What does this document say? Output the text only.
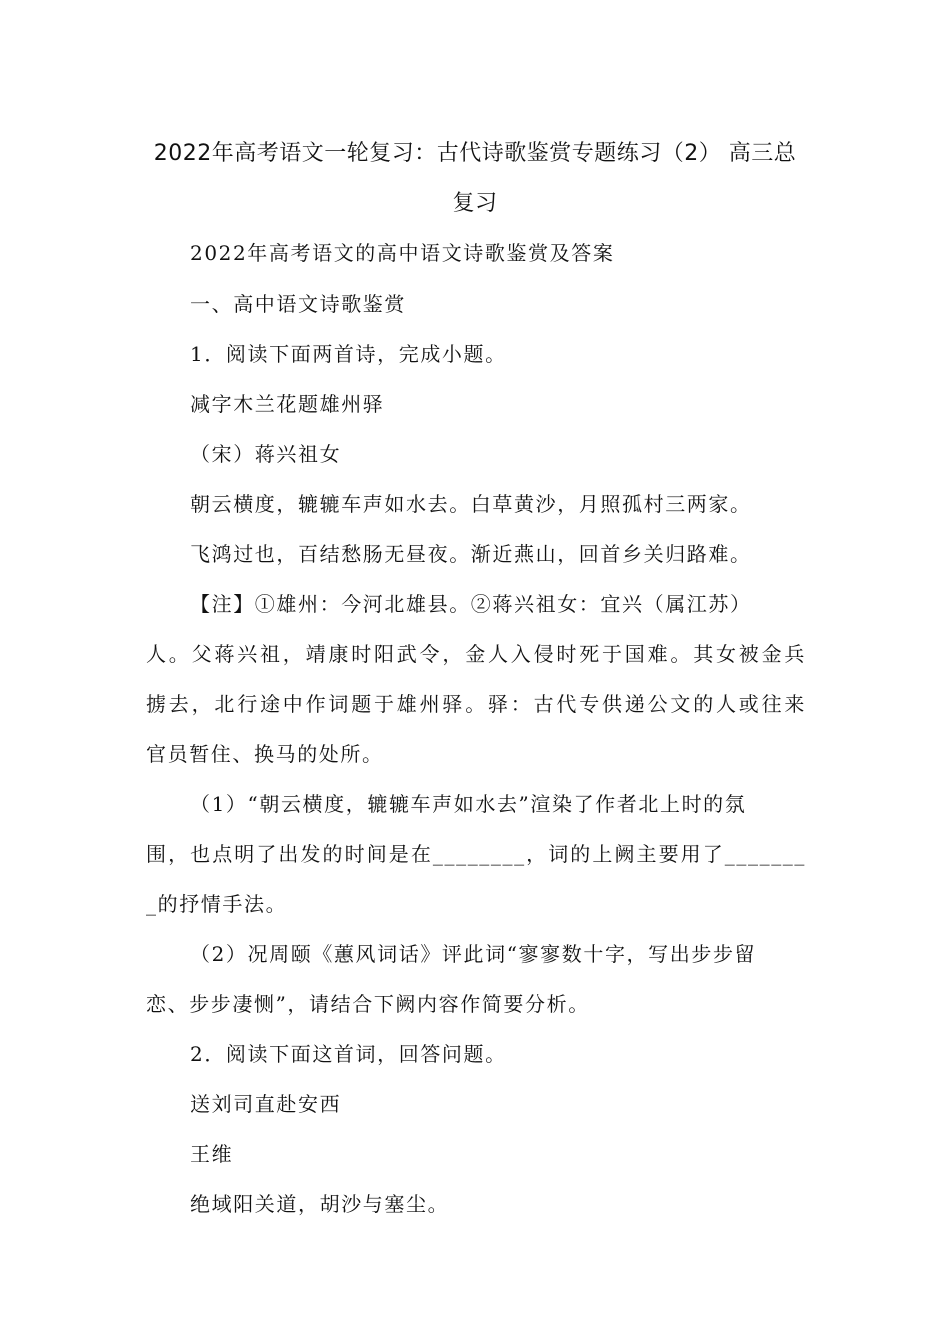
2022年高考语文一轮复习：古代诗歌鉴赏专题练习（2） 高三总
复习
2022年高考语文的高中语文诗歌鉴赏及答案
一、高中语文诗歌鉴赏
1．阅读下面两首诗，完成小题。
减字木兰花题雄州驿
（宋）蒋兴祖女
朝云横度，辘辘车声如水去。白草黄沙，月照孤村三两家。
飞鸿过也，百结愁肠无昼夜。渐近燕山，回首乡关归路难。
【注】①雄州：今河北雄县。②蒋兴祖女：宜兴（属江苏）
人。父蒋兴祖，靖康时阳武令，金人入侵时死于国难。其女被金兵
掳去，北行途中作词题于雄州驿。驿：古代专供递公文的人或往来
官员暂住、换马的处所。
（1）“朝云横度，辘辘车声如水去”渲染了作者北上时的氛
围，也点明了出发的时间是在________，词的上阙主要用了_______
_的抒情手法。
（2）况周颐《蕙风词话》评此词“寥寥数十字，写出步步留
恋、步步凄恻”，请结合下阙内容作简要分析。
2．阅读下面这首词，回答问题。
送刘司直赴安西
王维
绝域阳关道，胡沙与塞尘。
